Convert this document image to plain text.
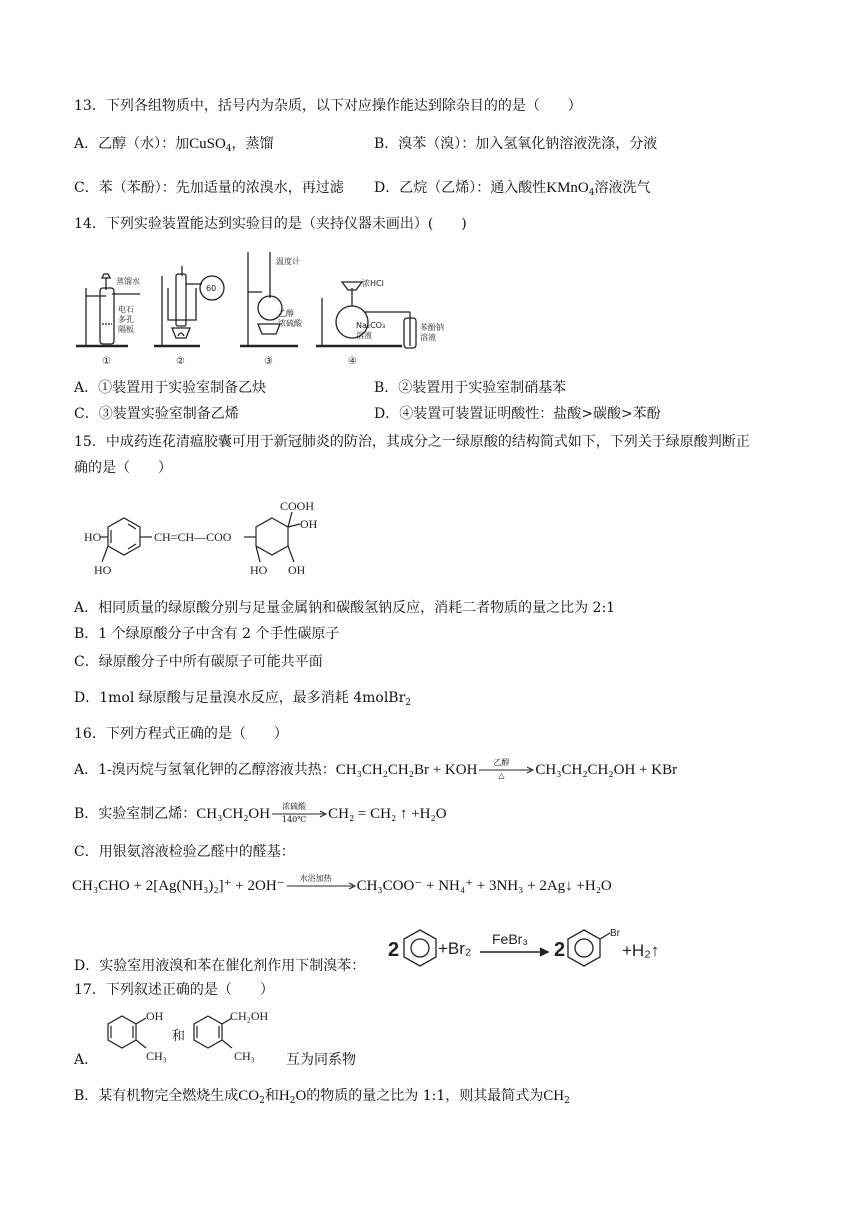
13．下列各组物质中，括号内为杂质，以下对应操作能达到除杂目的的是（　　）
A．乙醇（水）：加CuSO$_4$，蒸馏	B．溴苯（溴）：加入氢氧化钠溶液洗涤，分液
C．苯（苯酚）：先加适量的浓溴水，再过滤 D．乙烷（乙烯）：通入酸性KMnO$_4$溶液洗气
14．下列实验装置能达到实验目的是（夹持仪器未画出）(　　)
蒸馏水
电石
多孔
隔板
①
60
②
温度计
乙醇
浓硫酸
③
浓HCl
Na₂CO₃
溶液
苯酚钠
溶液
④
A．①装置用于实验室制备乙炔	B．②装置用于实验室制硝基苯
C．③装置实验室制备乙烯	D．④装置可装置证明酸性：盐酸>碳酸>苯酚
15．中成药连花清瘟胶囊可用于新冠肺炎的防治，其成分之一绿原酸的结构简式如下，下列关于绿原酸判断正
确的是（　　）
HO
HO
CH=CH—COO
COOH
OH
HO OH
A．相同质量的绿原酸分别与足量金属钠和碳酸氢钠反应，消耗二者物质的量之比为 2:1
B．1 个绿原酸分子中含有 2 个手性碳原子
C．绿原酸分子中所有碳原子可能共平面
D．1mol 绿原酸与足量溴水反应，最多消耗 4molBr$_2$
16．下列方程式正确的是（　　）
A．1-溴丙烷与氢氧化钾的乙醇溶液共热：CH₃CH₂CH₂Br + KOH	乙醇
△	CH₃CH₂CH₂OH + KBr
B．实验室制乙烯：CH₃CH₂OH	浓硫酸
140℃	CH₂ = CH₂ ↑ +H₂O
C．用银氨溶液检验乙醛中的醛基：
CH₃CHO + 2[Ag(NH₃)₂]⁺ + 2OH⁻	水浴加热	CH₃COO⁻ + NH₄⁺ + 3NH₃ + 2Ag↓ +H₂O
D．实验室用液溴和苯在催化剂作用下制溴苯：
2 +Br₂ FeBr₃ 2
Br
+H₂↑
17．下列叙述正确的是（　　）
A．
OH
CH₃
和
CH₂OH
CH₃ 互为同系物
B．某有机物完全燃烧生成$CO_2$和$H_2O$的物质的量之比为 1:1，则其最简式为$CH_2$
